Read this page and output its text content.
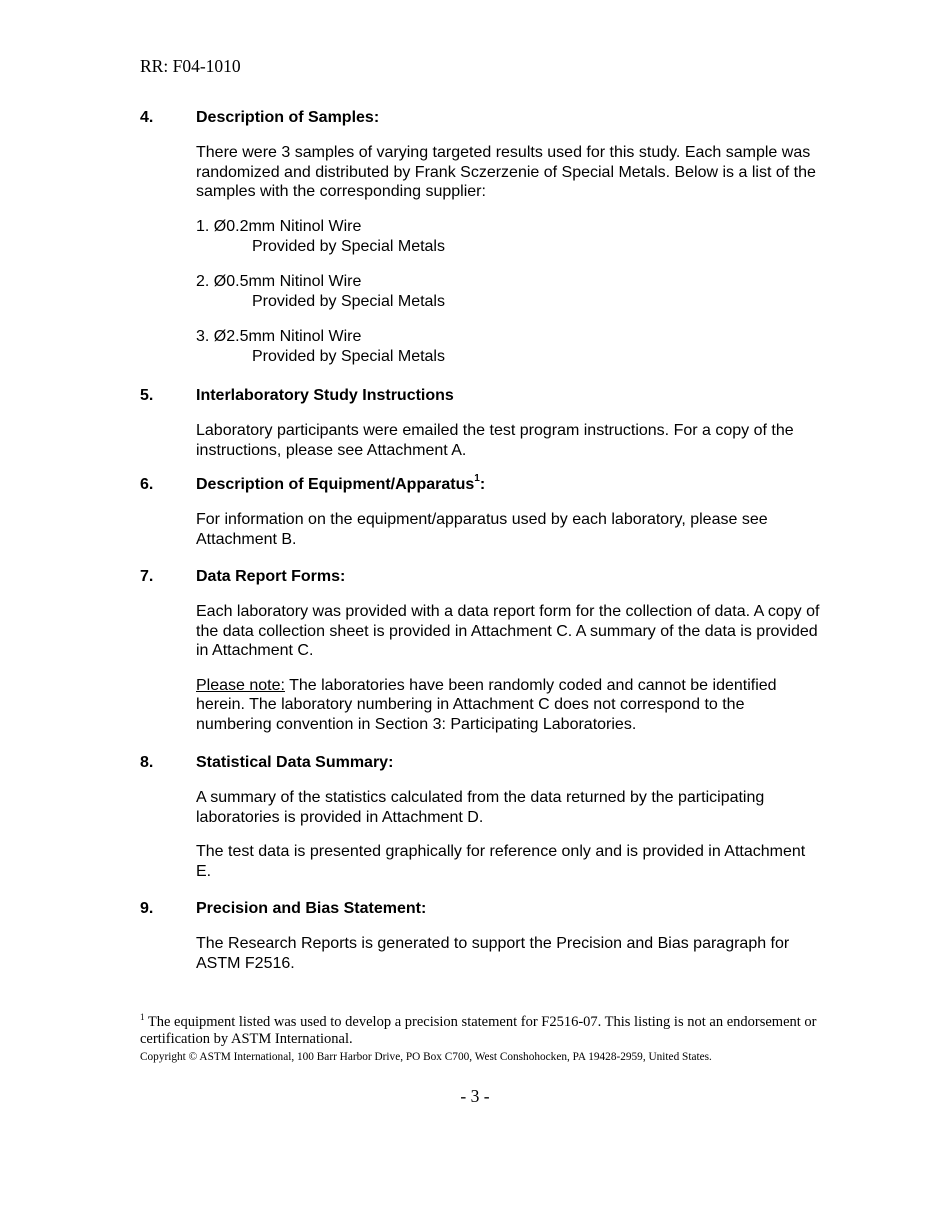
RR: F04-1010
4.	Description of Samples:
There were 3 samples of varying targeted results used for this study. Each sample was randomized and distributed by Frank Sczerzenie of Special Metals. Below is a list of the samples with the corresponding supplier:
1. Ø0.2mm Nitinol Wire
Provided by Special Metals
2. Ø0.5mm Nitinol Wire
Provided by Special Metals
3. Ø2.5mm Nitinol Wire
Provided by Special Metals
5.	Interlaboratory Study Instructions
Laboratory participants were emailed the test program instructions. For a copy of the instructions, please see Attachment A.
6.	Description of Equipment/Apparatus$^1$:
For information on the equipment/apparatus used by each laboratory, please see Attachment B.
7.	Data Report Forms:
Each laboratory was provided with a data report form for the collection of data. A copy of the data collection sheet is provided in Attachment C. A summary of the data is provided in Attachment C.
Please note: The laboratories have been randomly coded and cannot be identified herein. The laboratory numbering in Attachment C does not correspond to the numbering convention in Section 3: Participating Laboratories.
8.	Statistical Data Summary:
A summary of the statistics calculated from the data returned by the participating laboratories is provided in Attachment D.
The test data is presented graphically for reference only and is provided in Attachment E.
9.	Precision and Bias Statement:
The Research Reports is generated to support the Precision and Bias paragraph for ASTM F2516.
$^1$ The equipment listed was used to develop a precision statement for F2516-07. This listing is not an endorsement or certification by ASTM International.
Copyright © ASTM International, 100 Barr Harbor Drive, PO Box C700, West Conshohocken, PA 19428-2959, United States.
- 3 -
